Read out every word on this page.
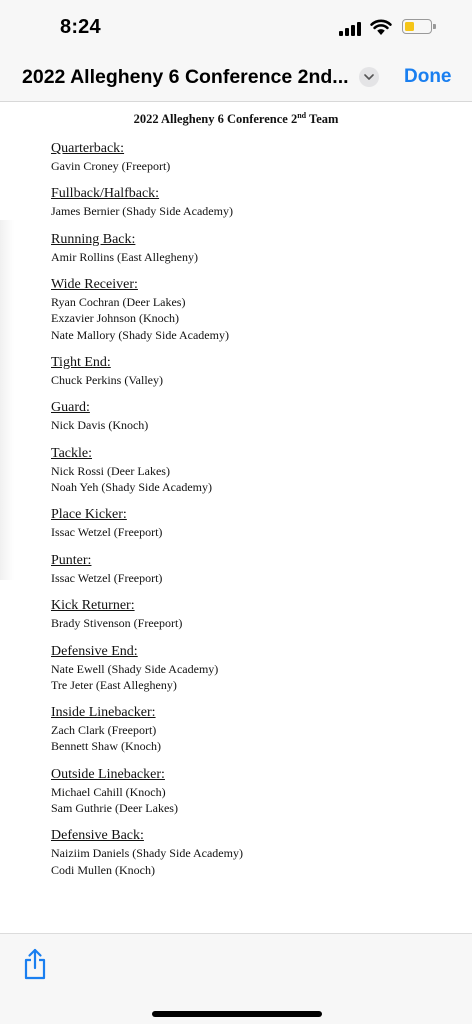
8:24
2022 Allegheny 6 Conference 2nd...	Done
2022 Allegheny 6 Conference 2nd Team
Quarterback:
Gavin Croney (Freeport)
Fullback/Halfback:
James Bernier (Shady Side Academy)
Running Back:
Amir Rollins (East Allegheny)
Wide Receiver:
Ryan Cochran (Deer Lakes)
Exzavier Johnson (Knoch)
Nate Mallory (Shady Side Academy)
Tight End:
Chuck Perkins (Valley)
Guard:
Nick Davis (Knoch)
Tackle:
Nick Rossi (Deer Lakes)
Noah Yeh (Shady Side Academy)
Place Kicker:
Issac Wetzel (Freeport)
Punter:
Issac Wetzel (Freeport)
Kick Returner:
Brady Stivenson (Freeport)
Defensive End:
Nate Ewell (Shady Side Academy)
Tre Jeter (East Allegheny)
Inside Linebacker:
Zach Clark (Freeport)
Bennett Shaw (Knoch)
Outside Linebacker:
Michael Cahill (Knoch)
Sam Guthrie (Deer Lakes)
Defensive Back:
Naiziim Daniels (Shady Side Academy)
Codi Mullen (Knoch)
